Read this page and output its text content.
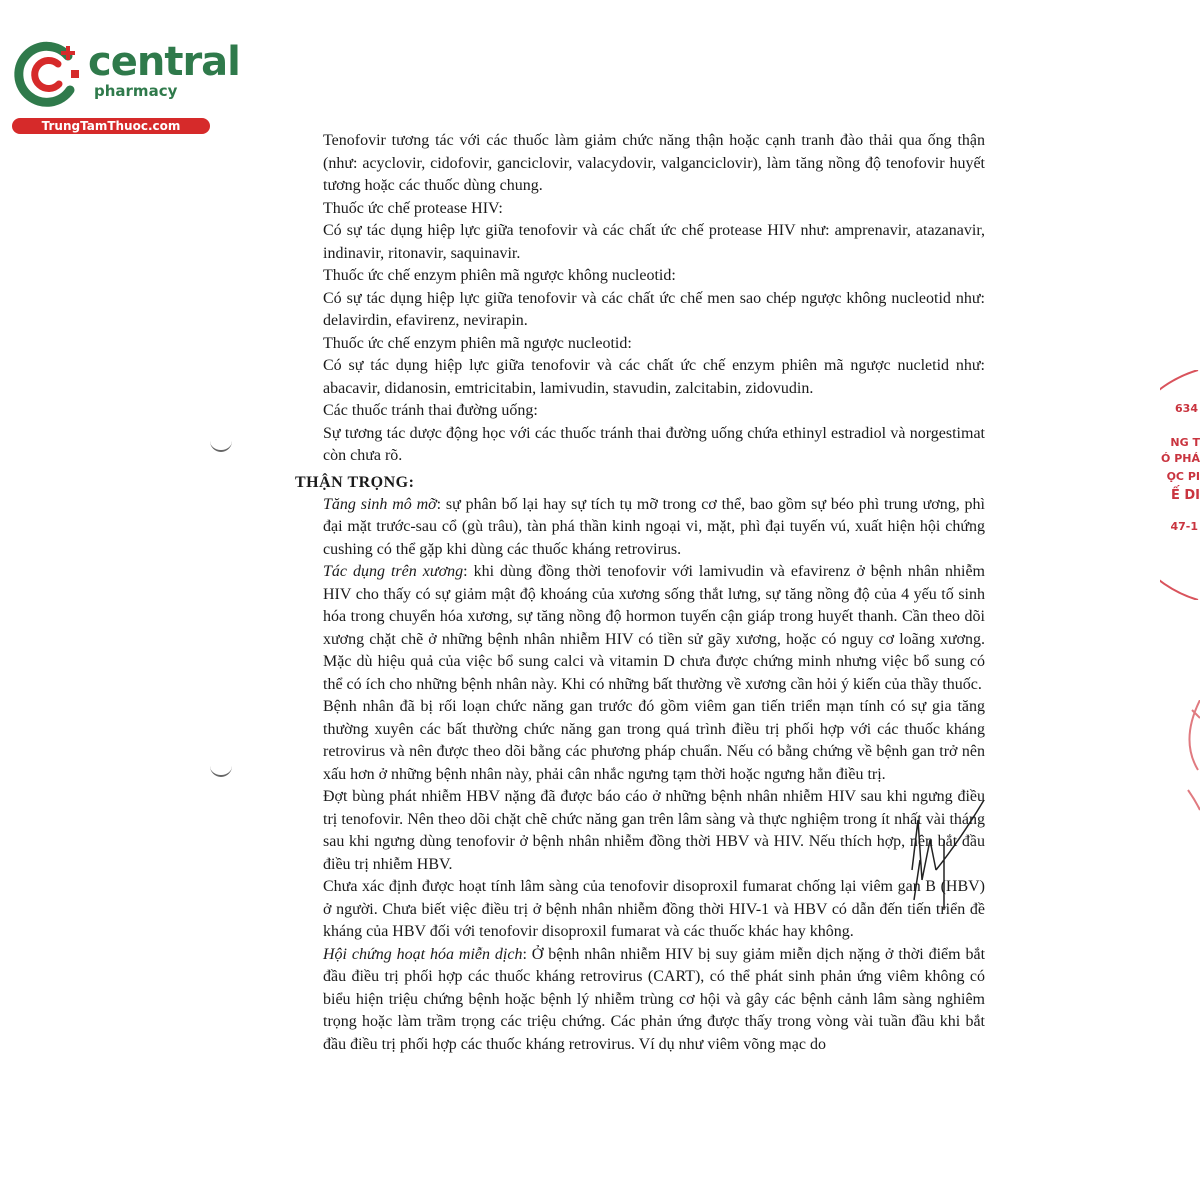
central
pharmacy
TrungTamThuoc.com
634
NG T
Ó PHÁ
ỌC PI
Ế DI
47-1

Tenofovir tương tác với các thuốc làm giảm chức năng thận hoặc cạnh tranh đào thải qua ống thận (như: acyclovir, cidofovir, ganciclovir, valacydovir, valganciclovir), làm tăng nồng độ tenofovir huyết tương hoặc các thuốc dùng chung.

Thuốc ức chế protease HIV:

Có sự tác dụng hiệp lực giữa tenofovir và các chất ức chế protease HIV như: amprenavir, atazanavir, indinavir, ritonavir, saquinavir.

Thuốc ức chế enzym phiên mã ngược không nucleotid:

Có sự tác dụng hiệp lực giữa tenofovir và các chất ức chế men sao chép ngược không nucleotid như: delavirdin, efavirenz, nevirapin.

Thuốc ức chế enzym phiên mã ngược nucleotid:

Có sự tác dụng hiệp lực giữa tenofovir và các chất ức chế enzym phiên mã ngược nucletid như: abacavir, didanosin, emtricitabin, lamivudin, stavudin, zalcitabin, zidovudin.

Các thuốc tránh thai đường uống:

Sự tương tác dược động học với các thuốc tránh thai đường uống chứa ethinyl estradiol và norgestimat còn chưa rõ.

THẬN TRỌNG:

Tăng sinh mô mỡ: sự phân bố lại hay sự tích tụ mỡ trong cơ thể, bao gồm sự béo phì trung ương, phì đại mặt trước-sau cổ (gù trâu), tàn phá thần kinh ngoại vi, mặt, phì đại tuyến vú, xuất hiện hội chứng cushing có thể gặp khi dùng các thuốc kháng retrovirus.

Tác dụng trên xương: khi dùng đồng thời tenofovir với lamivudin và efavirenz ở bệnh nhân nhiễm HIV cho thấy có sự giảm mật độ khoáng của xương sống thắt lưng, sự tăng nồng độ của 4 yếu tố sinh hóa trong chuyển hóa xương, sự tăng nồng độ hormon tuyến cận giáp trong huyết thanh. Cần theo dõi xương chặt chẽ ở những bệnh nhân nhiễm HIV có tiền sử gãy xương, hoặc có nguy cơ loãng xương. Mặc dù hiệu quả của việc bổ sung calci và vitamin D chưa được chứng minh nhưng việc bổ sung có thể có ích cho những bệnh nhân này. Khi có những bất thường về xương cần hỏi ý kiến của thầy thuốc.

Bệnh nhân đã bị rối loạn chức năng gan trước đó gồm viêm gan tiến triển mạn tính có sự gia tăng thường xuyên các bất thường chức năng gan trong quá trình điều trị phối hợp với các thuốc kháng retrovirus và nên được theo dõi bằng các phương pháp chuẩn. Nếu có bằng chứng về bệnh gan trở nên xấu hơn ở những bệnh nhân này, phải cân nhắc ngưng tạm thời hoặc ngưng hẳn điều trị.

Đợt bùng phát nhiễm HBV nặng đã được báo cáo ở những bệnh nhân nhiễm HIV sau khi ngưng điều trị tenofovir. Nên theo dõi chặt chẽ chức năng gan trên lâm sàng và thực nghiệm trong ít nhất vài tháng sau khi ngưng dùng tenofovir ở bệnh nhân nhiễm đồng thời HBV và HIV. Nếu thích hợp, nên bắt đầu điều trị nhiễm HBV.

Chưa xác định được hoạt tính lâm sàng của tenofovir disoproxil fumarat chống lại viêm gan B (HBV) ở người. Chưa biết việc điều trị ở bệnh nhân nhiễm đồng thời HIV-1 và HBV có dẫn đến tiến triển đề kháng của HBV đối với tenofovir disoproxil fumarat và các thuốc khác hay không.

Hội chứng hoạt hóa miễn dịch: Ở bệnh nhân nhiễm HIV bị suy giảm miễn dịch nặng ở thời điểm bắt đầu điều trị phối hợp các thuốc kháng retrovirus (CART), có thể phát sinh phản ứng viêm không có biểu hiện triệu chứng bệnh hoặc bệnh lý nhiễm trùng cơ hội và gây các bệnh cảnh lâm sàng nghiêm trọng hoặc làm trầm trọng các triệu chứng. Các phản ứng được thấy trong vòng vài tuần đầu khi bắt đầu điều trị phối hợp các thuốc kháng retrovirus. Ví dụ như viêm võng mạc do
